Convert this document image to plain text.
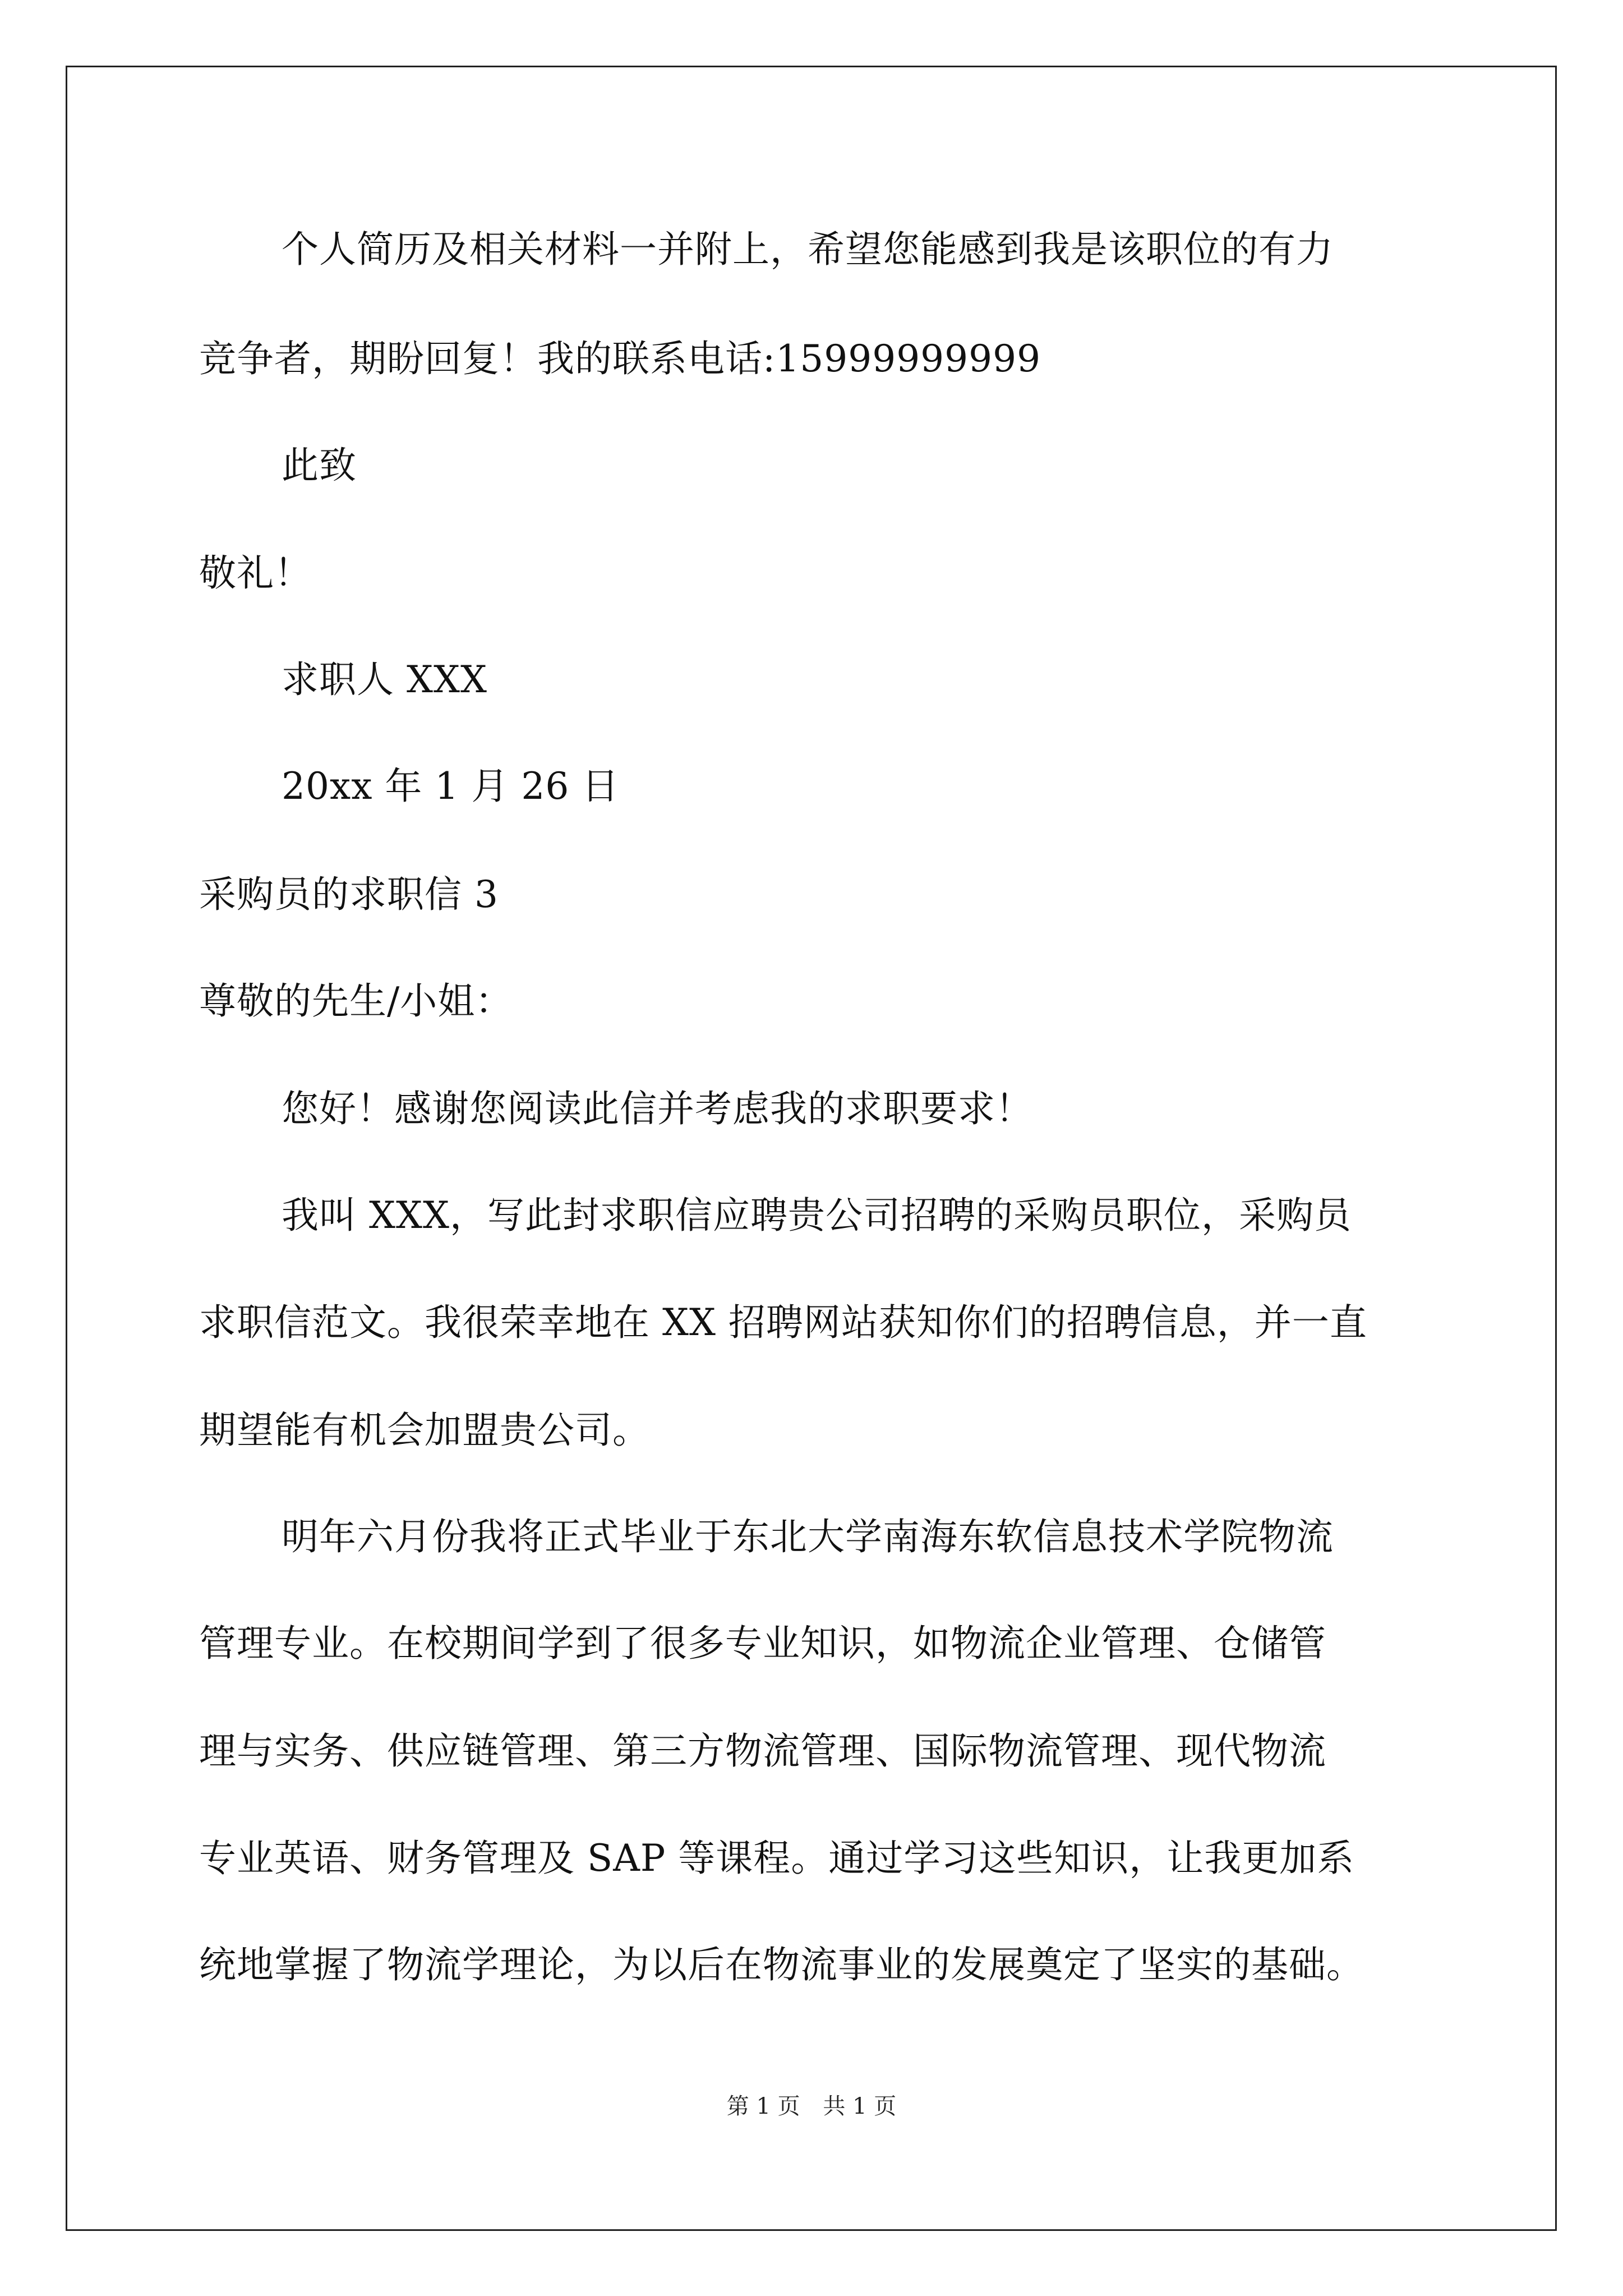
个人简历及相关材料一并附上，希望您能感到我是该职位的有力
竞争者，期盼回复！我的联系电话:15999999999
此致
敬礼！
求职人 XXX
20xx 年 1 月 26 日
采购员的求职信 3
尊敬的先生/小姐：
您好！感谢您阅读此信并考虑我的求职要求！
我叫 XXX，写此封求职信应聘贵公司招聘的采购员职位，采购员
求职信范文。我很荣幸地在 XX 招聘网站获知你们的招聘信息，并一直
期望能有机会加盟贵公司。
明年六月份我将正式毕业于东北大学南海东软信息技术学院物流
管理专业。在校期间学到了很多专业知识，如物流企业管理、仓储管
理与实务、供应链管理、第三方物流管理、国际物流管理、现代物流
专业英语、财务管理及 SAP 等课程。通过学习这些知识，让我更加系
统地掌握了物流学理论，为以后在物流事业的发展奠定了坚实的基础。
第 1 页 共 1 页
